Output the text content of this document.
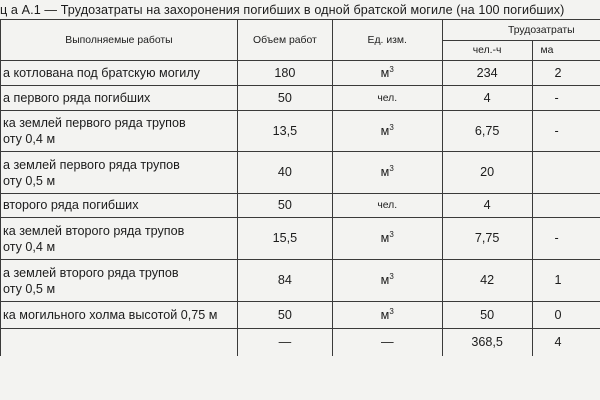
ц а А.1 — Трудозатраты на захоронения погибших в одной братской могиле (на 100 погибших)
Выполняемые работы	Объем работ	Ед. изм.	Трудозатраты	
			чел.-ч	ма
а котлована под братскую могилу	180	$м^3$	234	2
а первого ряда погибших	50	чел.	4	-
ка землей первого ряда трупов
оту 0,4 м	13,5	$м^3$	6,75	-
а землей первого ряда трупов
оту 0,5 м	40	$м^3$	20	
второго ряда погибших	50	чел.	4	
ка землей второго ряда трупов
оту 0,4 м	15,5	$м^3$	7,75	-
а землей второго ряда трупов
оту 0,5 м	84	$м^3$	42	1
ка могильного холма высотой 0,75 м	50	$м^3$	50	0
	—	—	368,5	4
